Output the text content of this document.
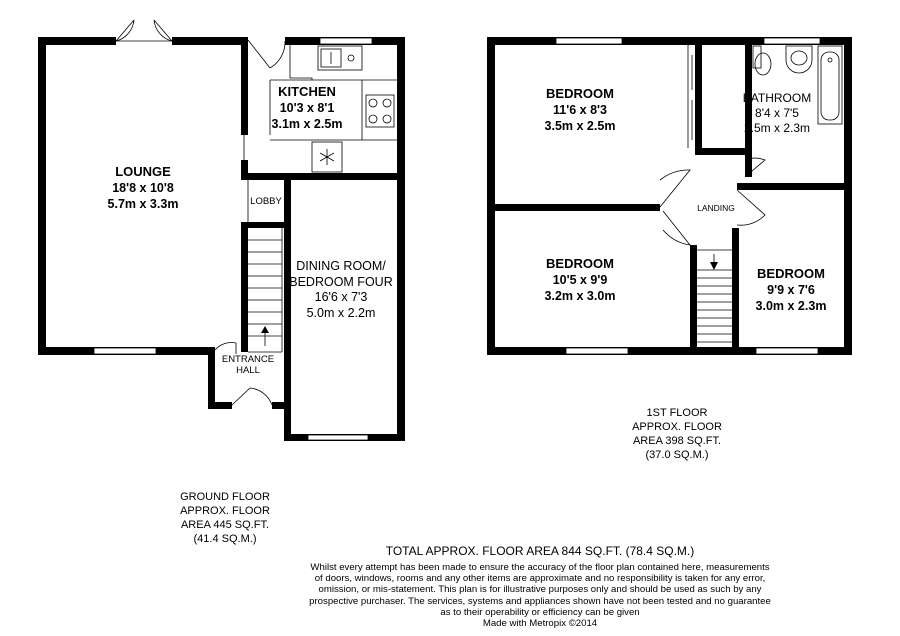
LOUNGE
18'8 x 10'8
5.7m x 3.3m
KITCHEN
10'3 x 8'1
3.1m x 2.5m
LOBBY
DINING ROOM/
BEDROOM FOUR
16'6 x 7'3
5.0m x 2.2m
ENTRANCE
HALL
BEDROOM
11'6 x 8'3
3.5m x 2.5m
BATHROOM
8'4 x 7'5
2.5m x 2.3m
LANDING
BEDROOM
10'5 x 9'9
3.2m x 3.0m
BEDROOM
9'9 x 7'6
3.0m x 2.3m
GROUND FLOOR
APPROX. FLOOR
AREA 445 SQ.FT.
(41.4 SQ.M.)
1ST FLOOR
APPROX. FLOOR
AREA 398 SQ.FT.
(37.0 SQ.M.)
TOTAL APPROX. FLOOR AREA 844 SQ.FT. (78.4 SQ.M.)
Whilst every attempt has been made to ensure the accuracy of the floor plan contained here, measurements
of doors, windows, rooms and any other items are approximate and no responsibility is taken for any error,
omission, or mis-statement. This plan is for illustrative purposes only and should be used as such by any
prospective purchaser. The services, systems and appliances shown have not been tested and no guarantee
as to their operability or efficiency can be given
Made with Metropix ©2014
